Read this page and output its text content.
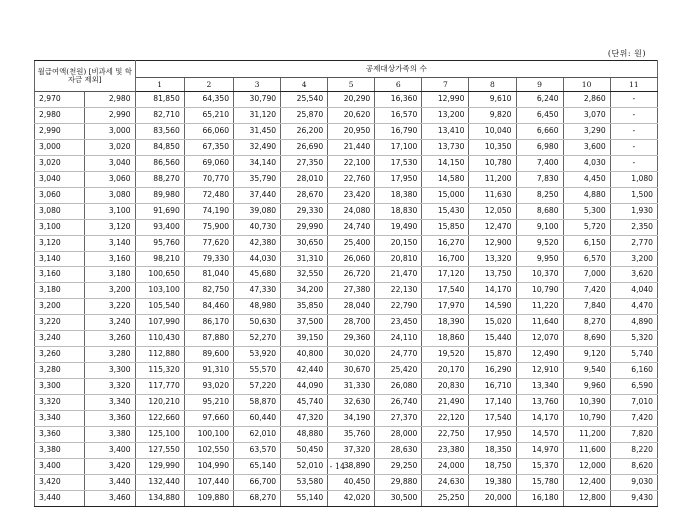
(단위: 원)
월급여액(천원) [비과세 및 학자금 제외]		공제대상가족의 수										
		1	2	3	4	5	6	7	8	9	10	11
2,970	2,980	81,850	64,350	30,790	25,540	20,290	16,360	12,990	9,610	6,240	2,860	-
2,980	2,990	82,710	65,210	31,120	25,870	20,620	16,570	13,200	9,820	6,450	3,070	-
2,990	3,000	83,560	66,060	31,450	26,200	20,950	16,790	13,410	10,040	6,660	3,290	-
3,000	3,020	84,850	67,350	32,490	26,690	21,440	17,100	13,730	10,350	6,980	3,600	-
3,020	3,040	86,560	69,060	34,140	27,350	22,100	17,530	14,150	10,780	7,400	4,030	-
3,040	3,060	88,270	70,770	35,790	28,010	22,760	17,950	14,580	11,200	7,830	4,450	1,080
3,060	3,080	89,980	72,480	37,440	28,670	23,420	18,380	15,000	11,630	8,250	4,880	1,500
3,080	3,100	91,690	74,190	39,080	29,330	24,080	18,830	15,430	12,050	8,680	5,300	1,930
3,100	3,120	93,400	75,900	40,730	29,990	24,740	19,490	15,850	12,470	9,100	5,720	2,350
3,120	3,140	95,760	77,620	42,380	30,650	25,400	20,150	16,270	12,900	9,520	6,150	2,770
3,140	3,160	98,210	79,330	44,030	31,310	26,060	20,810	16,700	13,320	9,950	6,570	3,200
3,160	3,180	100,650	81,040	45,680	32,550	26,720	21,470	17,120	13,750	10,370	7,000	3,620
3,180	3,200	103,100	82,750	47,330	34,200	27,380	22,130	17,540	14,170	10,790	7,420	4,040
3,200	3,220	105,540	84,460	48,980	35,850	28,040	22,790	17,970	14,590	11,220	7,840	4,470
3,220	3,240	107,990	86,170	50,630	37,500	28,700	23,450	18,390	15,020	11,640	8,270	4,890
3,240	3,260	110,430	87,880	52,270	39,150	29,360	24,110	18,860	15,440	12,070	8,690	5,320
3,260	3,280	112,880	89,600	53,920	40,800	30,020	24,770	19,520	15,870	12,490	9,120	5,740
3,280	3,300	115,320	91,310	55,570	42,440	30,670	25,420	20,170	16,290	12,910	9,540	6,160
3,300	3,320	117,770	93,020	57,220	44,090	31,330	26,080	20,830	16,710	13,340	9,960	6,590
3,320	3,340	120,210	95,210	58,870	45,740	32,630	26,740	21,490	17,140	13,760	10,390	7,010
3,340	3,360	122,660	97,660	60,440	47,320	34,190	27,370	22,120	17,540	14,170	10,790	7,420
3,360	3,380	125,100	100,100	62,010	48,880	35,760	28,000	22,750	17,950	14,570	11,200	7,820
3,380	3,400	127,550	102,550	63,570	50,450	37,320	28,630	23,380	18,350	14,970	11,600	8,220
3,400	3,420	129,990	104,990	65,140	52,010	38,890	29,250	24,000	18,750	15,370	12,000	8,620
3,420	3,440	132,440	107,440	66,700	53,580	40,450	29,880	24,630	19,380	15,780	12,400	9,030
3,440	3,460	134,880	109,880	68,270	55,140	42,020	30,500	25,250	20,000	16,180	12,800	9,430
- 14 -
